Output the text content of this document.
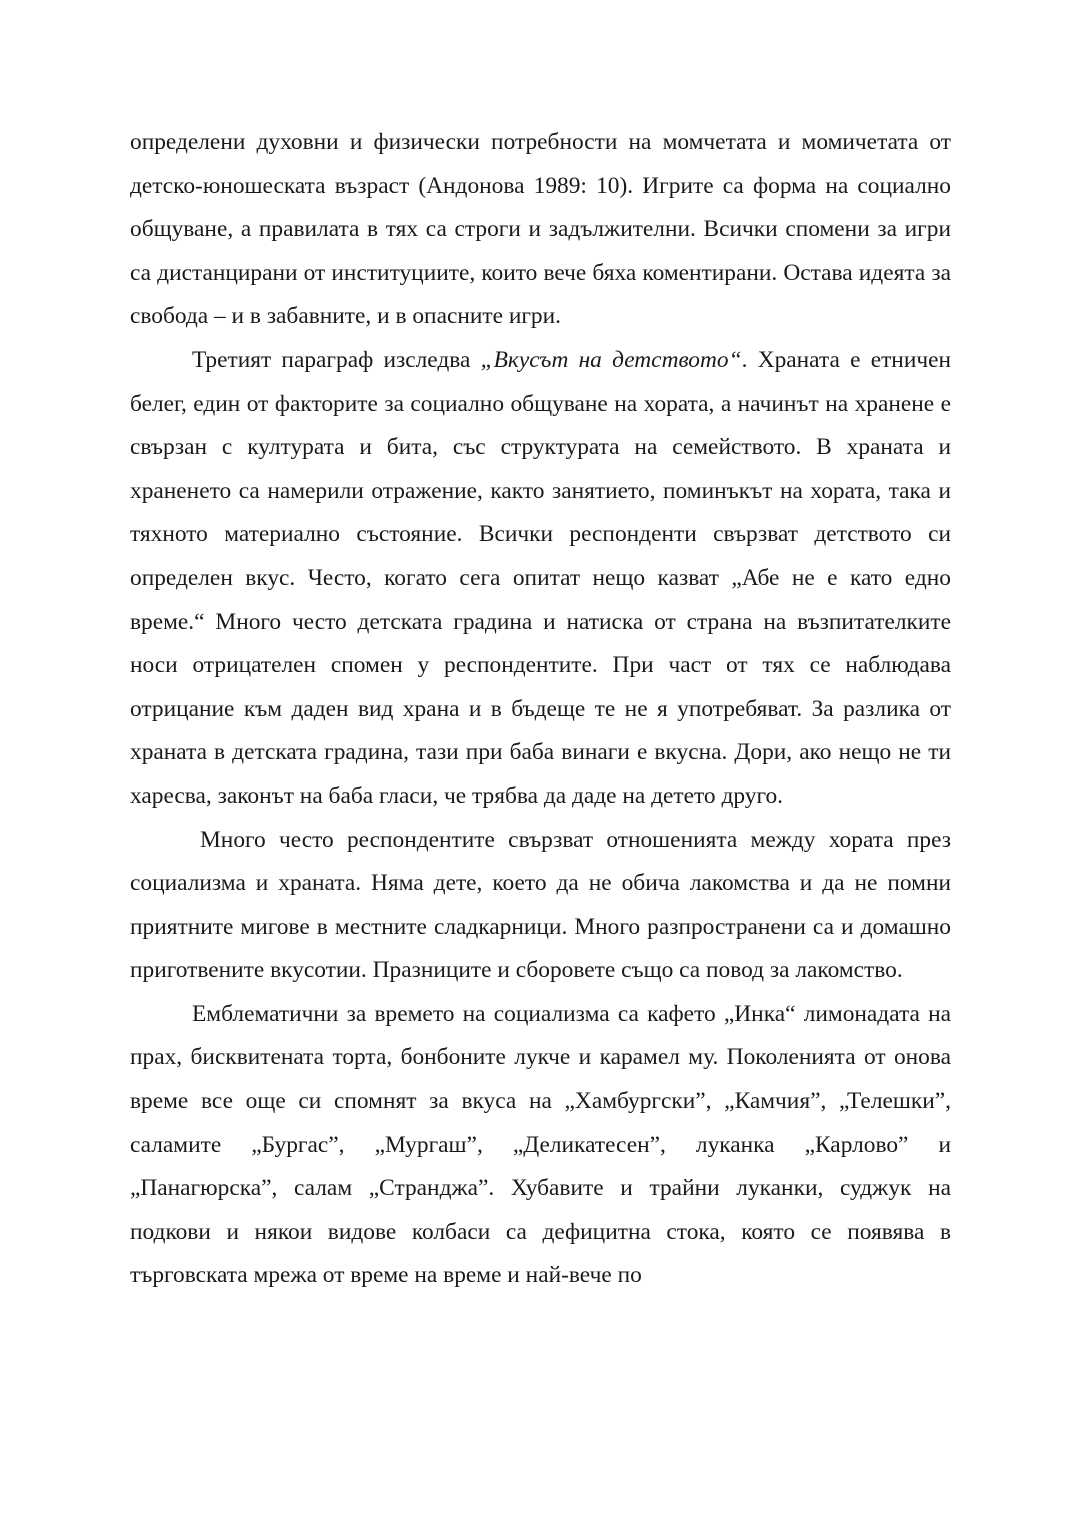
определени духовни и физически потребности на момчетата и момичетата от детско-юношеската възраст (Андонова 1989: 10). Игрите са форма на социално общуване, а правилата в тях са строги и задължителни. Всички спомени за игри са дистанцирани от институциите, които вече бяха коментирани. Остава идеята за свобода – и в забавните, и в опасните игри.

Третият параграф изследва „Вкусът на детството“. Храната е етничен белег, един от факторите за социално общуване на хората, а начинът на хранене е свързан с културата и бита, със структурата на семейството. В храната и храненето са намерили отражение, както занятието, поминъкът на хората, така и тяхното материално състояние. Всички респонденти свързват детството си определен вкус. Често, когато сега опитат нещо казват „Абе не е като едно време.“ Много често детската градина и натиска от страна на възпитателките носи отрицателен спомен у респондентите. При част от тях се наблюдава отрицание към даден вид храна и в бъдеще те не я употребяват. За разлика от храната в детската градина, тази при баба винаги е вкусна. Дори, ако нещо не ти харесва, законът на баба гласи, че трябва да даде на детето друго.

Много често респондентите свързват отношенията между хората през социализма и храната. Няма дете, което да не обича лакомства и да не помни приятните мигове в местните сладкарници. Много разпространени са и домашно приготвените вкусотии. Празниците и сборовете също са повод за лакомство.

Емблематични за времето на социализма са кафето „Инка“ лимонадата на прах, бисквитената торта, бонбоните лукче и карамел му. Поколенията от онова време все още си спомнят за вкуса на „Хамбургски”, „Камчия”, „Телешки”, саламите „Бургас”, „Мургаш”, „Деликатесен”, луканка „Карлово” и „Панагюрска”, салам „Странджа”. Хубавите и трайни луканки, суджук на подкови и някои видове колбаси са дефицитна стока, която се появява в търговската мрежа от време на време и най-вече по
